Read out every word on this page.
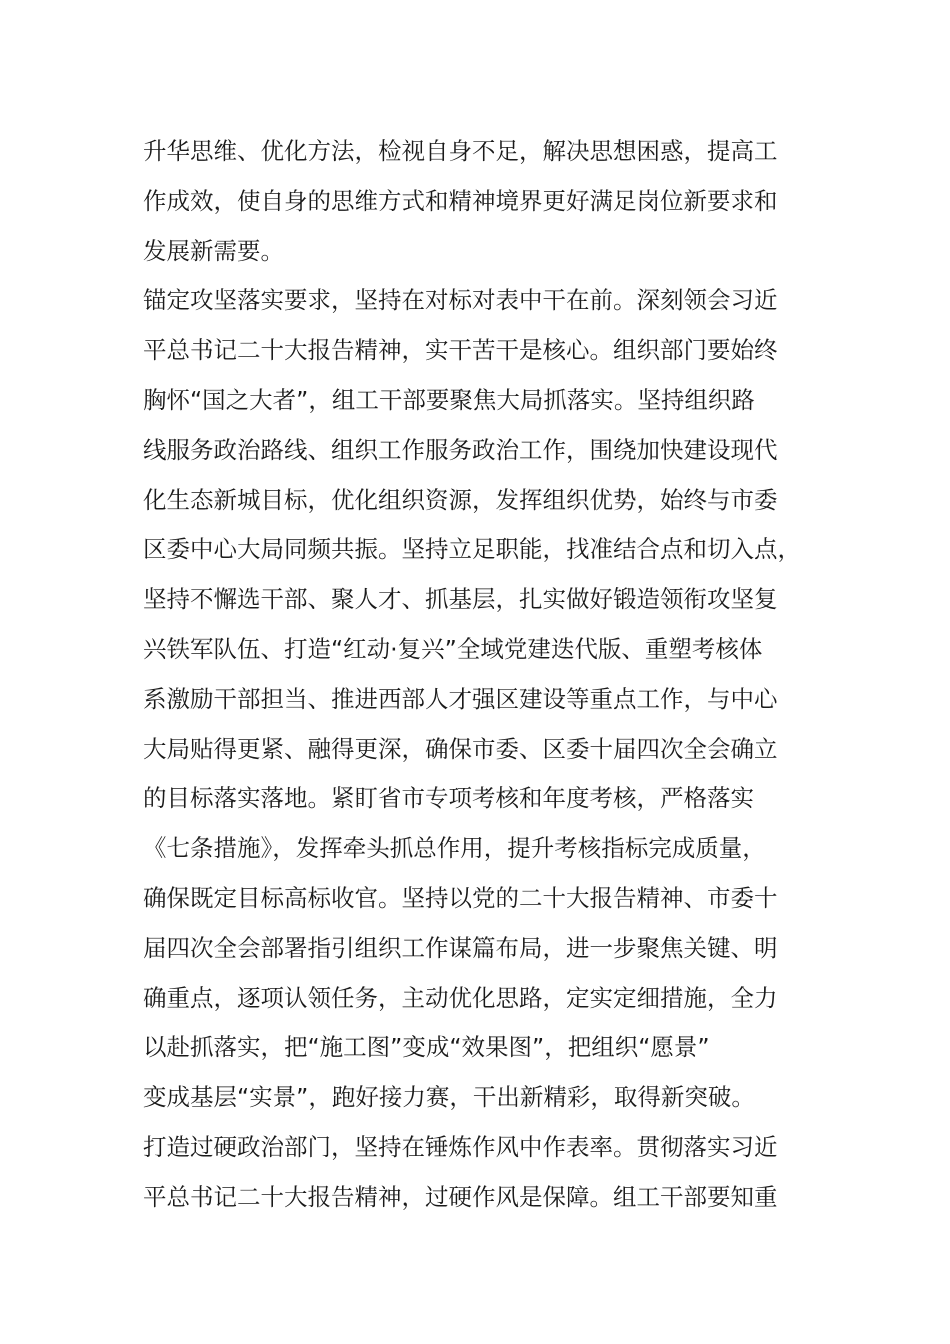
升华思维、优化方法，检视自身不足，解决思想困惑，提高工
作成效，使自身的思维方式和精神境界更好满足岗位新要求和
发展新需要。
锚定攻坚落实要求，坚持在对标对表中干在前。深刻领会习近
平总书记二十大报告精神，实干苦干是核心。组织部门要始终
胸怀“国之大者”，组工干部要聚焦大局抓落实。坚持组织路
线服务政治路线、组织工作服务政治工作，围绕加快建设现代
化生态新城目标，优化组织资源，发挥组织优势，始终与市委
区委中心大局同频共振。坚持立足职能，找准结合点和切入点，
坚持不懈选干部、聚人才、抓基层，扎实做好锻造领衔攻坚复
兴铁军队伍、打造“红动·复兴”全域党建迭代版、重塑考核体
系激励干部担当、推进西部人才强区建设等重点工作，与中心
大局贴得更紧、融得更深，确保市委、区委十届四次全会确立
的目标落实落地。紧盯省市专项考核和年度考核，严格落实
《七条措施》，发挥牵头抓总作用，提升考核指标完成质量，
确保既定目标高标收官。坚持以党的二十大报告精神、市委十
届四次全会部署指引组织工作谋篇布局，进一步聚焦关键、明
确重点，逐项认领任务，主动优化思路，定实定细措施，全力
以赴抓落实，把“施工图”变成“效果图”，把组织“愿景”
变成基层“实景”，跑好接力赛，干出新精彩，取得新突破。
打造过硬政治部门，坚持在锤炼作风中作表率。贯彻落实习近
平总书记二十大报告精神，过硬作风是保障。组工干部要知重
